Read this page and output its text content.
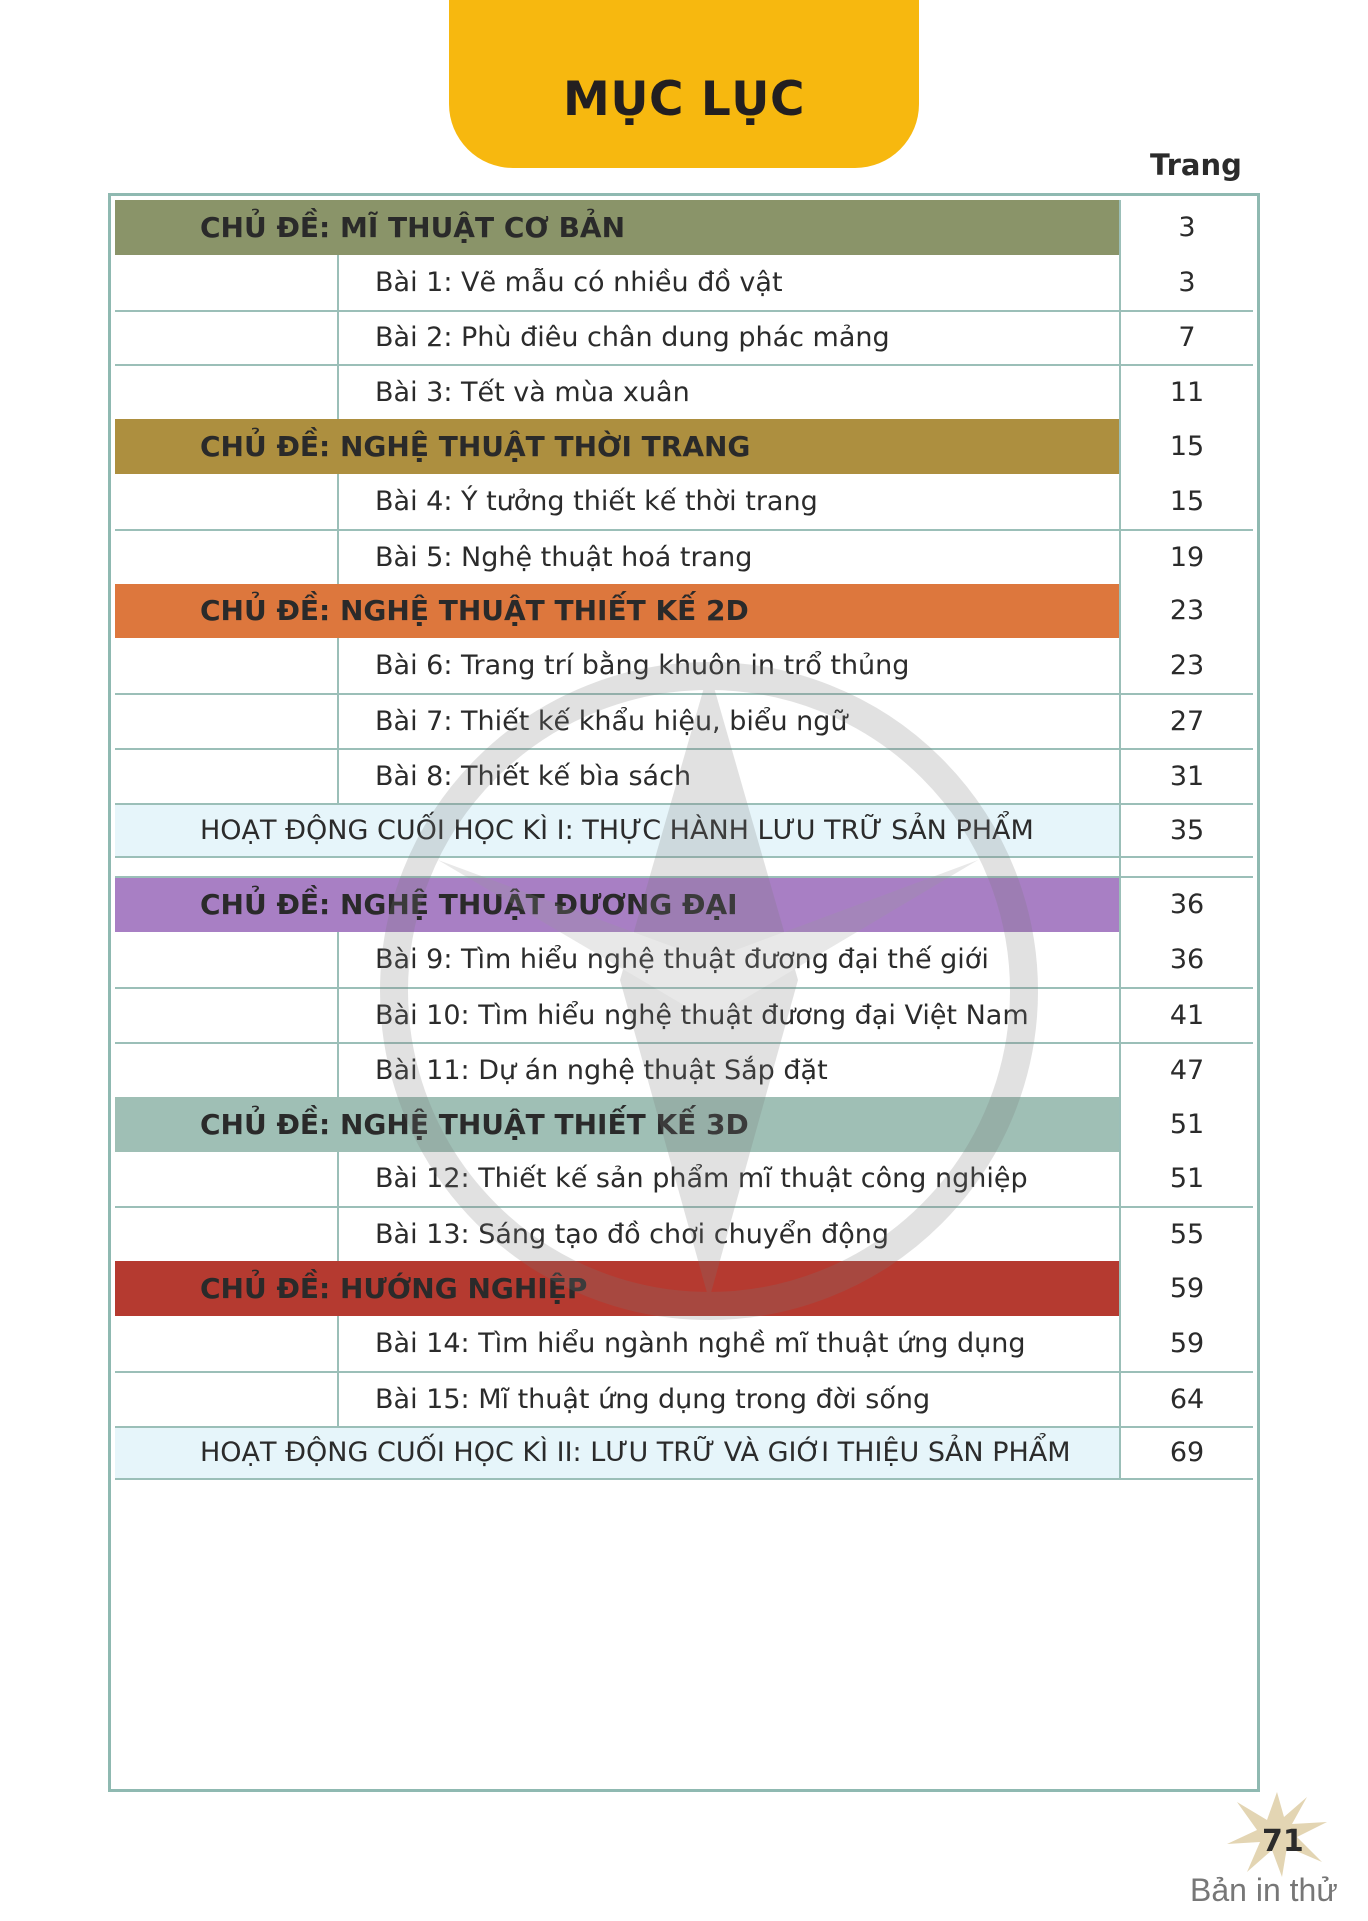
MỤC LỤC
Trang
CHỦ ĐỀ: MĨ THUẬT CƠ BẢN	3
Bài 1: Vẽ mẫu có nhiều đồ vật	3
Bài 2: Phù điêu chân dung phác mảng	7
Bài 3: Tết và mùa xuân	11
CHỦ ĐỀ: NGHỆ THUẬT THỜI TRANG	15
Bài 4: Ý tưởng thiết kế thời trang	15
Bài 5: Nghệ thuật hoá trang	19
CHỦ ĐỀ: NGHỆ THUẬT THIẾT KẾ 2D	23
Bài 6: Trang trí bằng khuôn in trổ thủng	23
Bài 7: Thiết kế khẩu hiệu, biểu ngữ	27
Bài 8: Thiết kế bìa sách	31
HOẠT ĐỘNG CUỐI HỌC KÌ I: THỰC HÀNH LƯU TRỮ SẢN PHẨM	35
CHỦ ĐỀ: NGHỆ THUẬT ĐƯƠNG ĐẠI	36
Bài 9: Tìm hiểu nghệ thuật đương đại thế giới	36
Bài 10: Tìm hiểu nghệ thuật đương đại Việt Nam	41
Bài 11: Dự án nghệ thuật Sắp đặt	47
CHỦ ĐỀ: NGHỆ THUẬT THIẾT KẾ 3D	51
Bài 12: Thiết kế sản phẩm mĩ thuật công nghiệp	51
Bài 13: Sáng tạo đồ chơi chuyển động	55
CHỦ ĐỀ: HƯỚNG NGHIỆP	59
Bài 14: Tìm hiểu ngành nghề mĩ thuật ứng dụng	59
Bài 15: Mĩ thuật ứng dụng trong đời sống	64
HOẠT ĐỘNG CUỐI HỌC KÌ II: LƯU TRỮ VÀ GIỚI THIỆU SẢN PHẨM	69
71
Bản in thử
